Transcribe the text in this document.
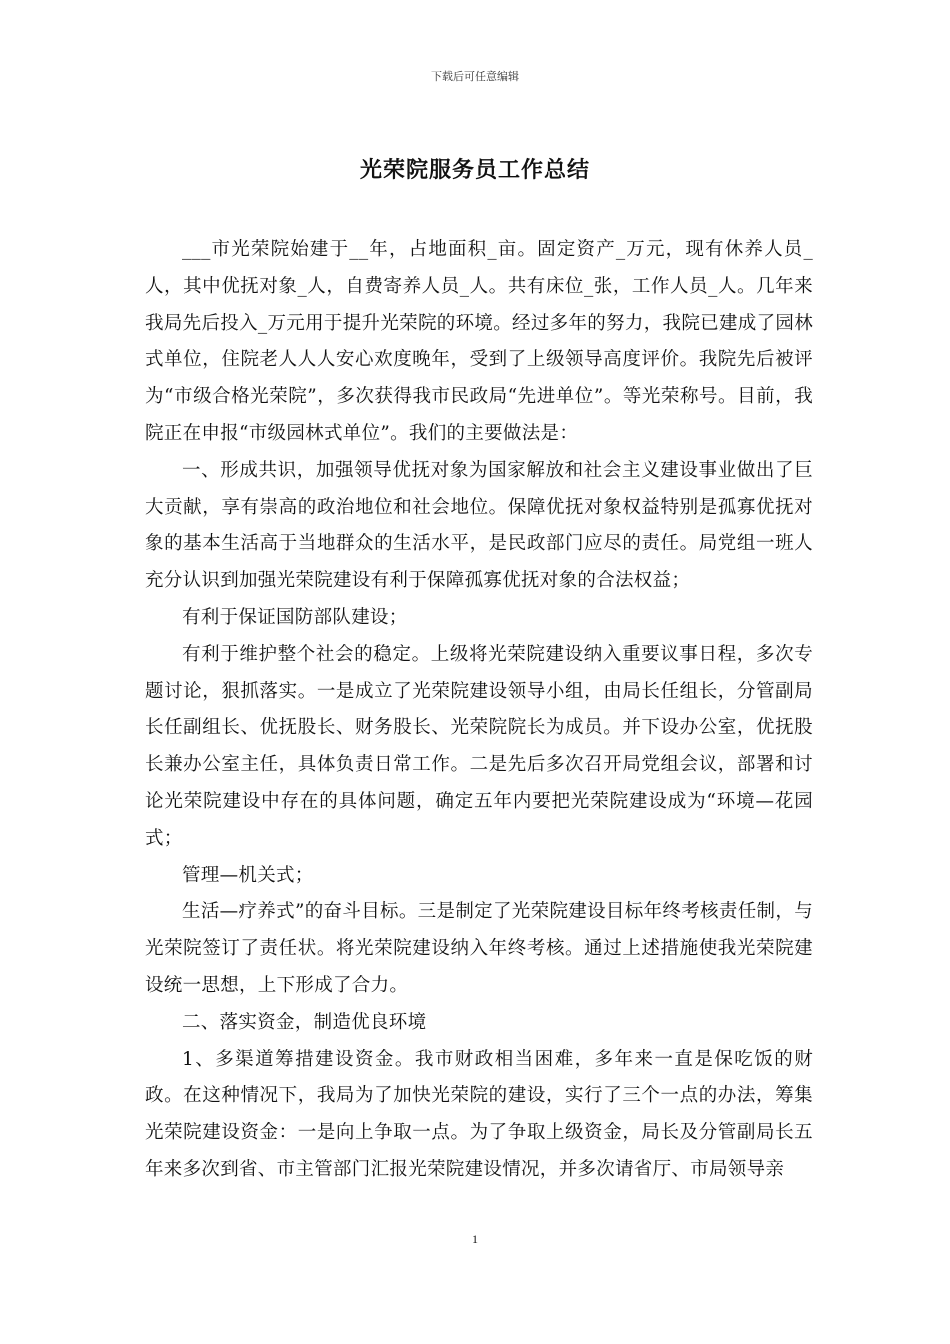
下载后可任意编辑
光荣院服务员工作总结

___市光荣院始建于__年，占地面积_亩。固定资产_万元，现有休养人员_人，其中优抚对象_人，自费寄养人员_人。共有床位_张，工作人员_人。几年来我局先后投入_万元用于提升光荣院的环境。经过多年的努力，我院已建成了园林式单位，住院老人人人安心欢度晚年，受到了上级领导高度评价。我院先后被评为“市级合格光荣院”，多次获得我市民政局“先进单位”。等光荣称号。目前，我院正在申报“市级园林式单位”。我们的主要做法是：

一、形成共识，加强领导优抚对象为国家解放和社会主义建设事业做出了巨大贡献，享有崇高的政治地位和社会地位。保障优抚对象权益特别是孤寡优抚对象的基本生活高于当地群众的生活水平，是民政部门应尽的责任。局党组一班人充分认识到加强光荣院建设有利于保障孤寡优抚对象的合法权益；

有利于保证国防部队建设；

有利于维护整个社会的稳定。上级将光荣院建设纳入重要议事日程，多次专题讨论，狠抓落实。一是成立了光荣院建设领导小组，由局长任组长，分管副局长任副组长、优抚股长、财务股长、光荣院院长为成员。并下设办公室，优抚股长兼办公室主任，具体负责日常工作。二是先后多次召开局党组会议，部署和讨论光荣院建设中存在的具体问题，确定五年内要把光荣院建设成为“环境—花园式；

管理—机关式；

生活—疗养式”的奋斗目标。三是制定了光荣院建设目标年终考核责任制，与光荣院签订了责任状。将光荣院建设纳入年终考核。通过上述措施使我光荣院建设统一思想，上下形成了合力。

二、落实资金，制造优良环境

1、多渠道筹措建设资金。我市财政相当困难，多年来一直是保吃饭的财政。在这种情况下，我局为了加快光荣院的建设，实行了三个一点的办法，筹集光荣院建设资金：一是向上争取一点。为了争取上级资金，局长及分管副局长五年来多次到省、市主管部门汇报光荣院建设情况，并多次请省厅、市局领导亲

1
